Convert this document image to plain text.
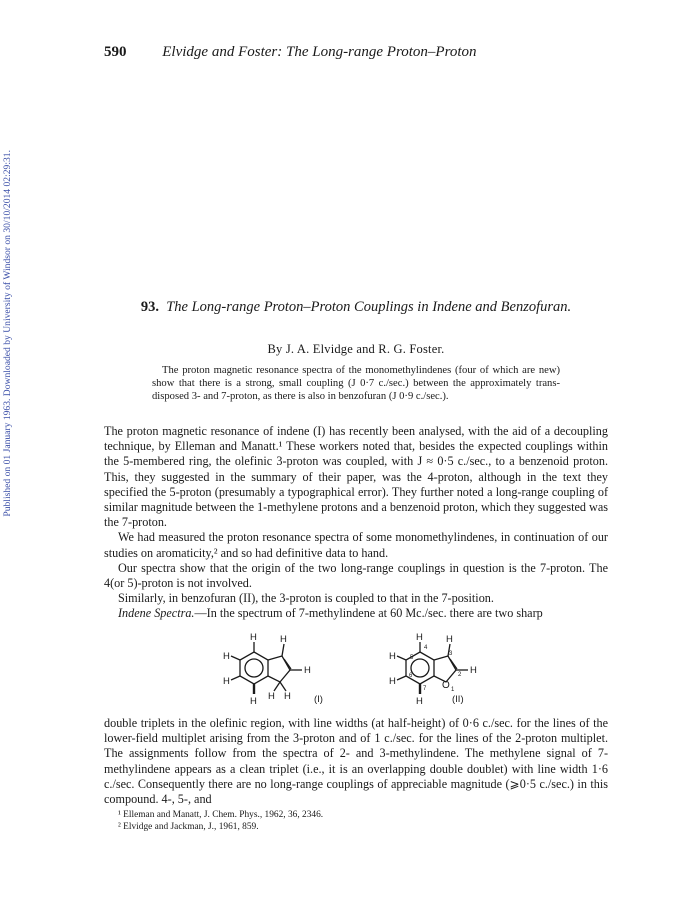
Published on 01 January 1963. Downloaded by University of Windsor on 30/10/2014 02:29:31.
590 Elvidge and Foster: The Long-range Proton–Proton
93. The Long-range Proton–Proton Couplings in Indene and Benzofuran.
By J. A. Elvidge and R. G. Foster.
The proton magnetic resonance spectra of the monomethylindenes (four of which are new) show that there is a strong, small coupling (J 0·7 c./sec.) between the approximately trans-disposed 3- and 7-proton, as there is also in benzofuran (J 0·9 c./sec.).

The proton magnetic resonance of indene (I) has recently been analysed, with the aid of a decoupling technique, by Elleman and Manatt.¹ These workers noted that, besides the expected couplings within the 5-membered ring, the olefinic 3-proton was coupled, with J ≈ 0·5 c./sec., to a benzenoid proton. This, they suggested in the summary of their paper, was the 4-proton, although in the text they specified the 5-proton (presumably a typographical error). They further noted a long-range coupling of similar magnitude between the 1-methylene protons and a benzenoid proton, which they suggested was the 7-proton.

We had measured the proton resonance spectra of some monomethylindenes, in continuation of our studies on aromaticity,² and so had definitive data to hand.

Our spectra show that the origin of the two long-range couplings in question is the 7-proton. The 4(or 5)-proton is not involved.

Similarly, in benzofuran (II), the 3-proton is coupled to that in the 7-position.

Indene Spectra.—In the spectrum of 7-methylindene at 60 Mc./sec. there are two sharp

H H
H
H
H
H H
H	(I)
H H
H
H
H
H
O
4
5
6
7
3
2
1
(II)

double triplets in the olefinic region, with line widths (at half-height) of 0·6 c./sec. for the lines of the lower-field multiplet arising from the 3-proton and of 1 c./sec. for the lines of the 2-proton multiplet. The assignments follow from the spectra of 2- and 3-methylindene. The methylene signal of 7-methylindene appears as a clean triplet (i.e., it is an overlapping double doublet) with line width 1·6 c./sec. Consequently there are no long-range couplings of appreciable magnitude (⩾0·5 c./sec.) in this compound. 4-, 5-, and

¹ Elleman and Manatt, J. Chem. Phys., 1962, 36, 2346.
² Elvidge and Jackman, J., 1961, 859.
